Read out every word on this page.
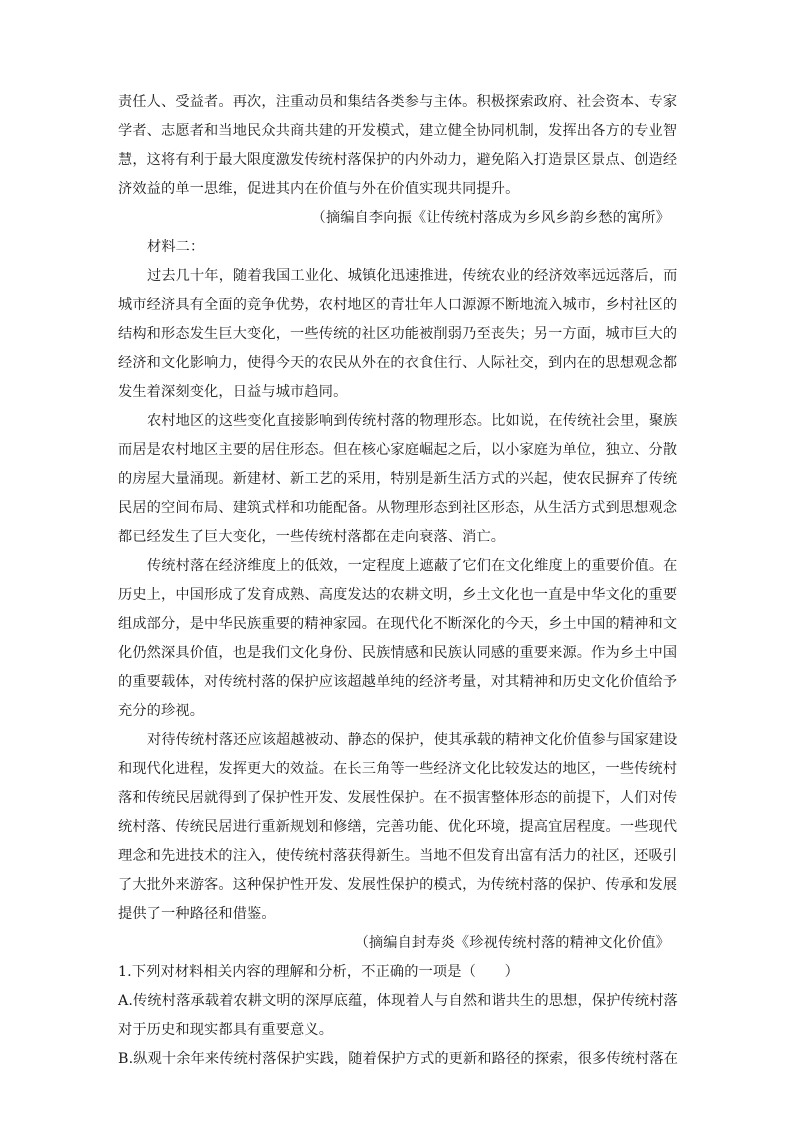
责任人、受益者。再次，注重动员和集结各类参与主体。积极探索政府、社会资本、专家
学者、志愿者和当地民众共商共建的开发模式，建立健全协同机制，发挥出各方的专业智
慧，这将有利于最大限度激发传统村落保护的内外动力，避免陷入打造景区景点、创造经
济效益的单一思维，促进其内在价值与外在价值实现共同提升。
（摘编自李向振《让传统村落成为乡风乡韵乡愁的寓所》
材料二：
过去几十年，随着我国工业化、城镇化迅速推进，传统农业的经济效率远远落后，而
城市经济具有全面的竞争优势，农村地区的青壮年人口源源不断地流入城市，乡村社区的
结构和形态发生巨大变化，一些传统的社区功能被削弱乃至丧失；另一方面，城市巨大的
经济和文化影响力，使得今天的农民从外在的衣食住行、人际社交，到内在的思想观念都
发生着深刻变化，日益与城市趋同。
农村地区的这些变化直接影响到传统村落的物理形态。比如说，在传统社会里，聚族
而居是农村地区主要的居住形态。但在核心家庭崛起之后，以小家庭为单位，独立、分散
的房屋大量涌现。新建材、新工艺的采用，特别是新生活方式的兴起，使农民摒弃了传统
民居的空间布局、建筑式样和功能配备。从物理形态到社区形态，从生活方式到思想观念
都已经发生了巨大变化，一些传统村落都在走向衰落、消亡。
传统村落在经济维度上的低效，一定程度上遮蔽了它们在文化维度上的重要价值。在
历史上，中国形成了发育成熟、高度发达的农耕文明，乡土文化也一直是中华文化的重要
组成部分，是中华民族重要的精神家园。在现代化不断深化的今天，乡土中国的精神和文
化仍然深具价值，也是我们文化身份、民族情感和民族认同感的重要来源。作为乡土中国
的重要载体，对传统村落的保护应该超越单纯的经济考量，对其精神和历史文化价值给予
充分的珍视。
对待传统村落还应该超越被动、静态的保护，使其承载的精神文化价值参与国家建设
和现代化进程，发挥更大的效益。在长三角等一些经济文化比较发达的地区，一些传统村
落和传统民居就得到了保护性开发、发展性保护。在不损害整体形态的前提下，人们对传
统村落、传统民居进行重新规划和修缮，完善功能、优化环境，提高宜居程度。一些现代
理念和先进技术的注入，使传统村落获得新生。当地不但发育出富有活力的社区，还吸引
了大批外来游客。这种保护性开发、发展性保护的模式，为传统村落的保护、传承和发展
提供了一种路径和借鉴。
（摘编自封寿炎《珍视传统村落的精神文化价值》
1.下列对材料相关内容的理解和分析，不正确的一项是（　　）
A.传统村落承载着农耕文明的深厚底蕴，体现着人与自然和谐共生的思想，保护传统村落
对于历史和现实都具有重要意义。
B.纵观十余年来传统村落保护实践，随着保护方式的更新和路径的探索，很多传统村落在
